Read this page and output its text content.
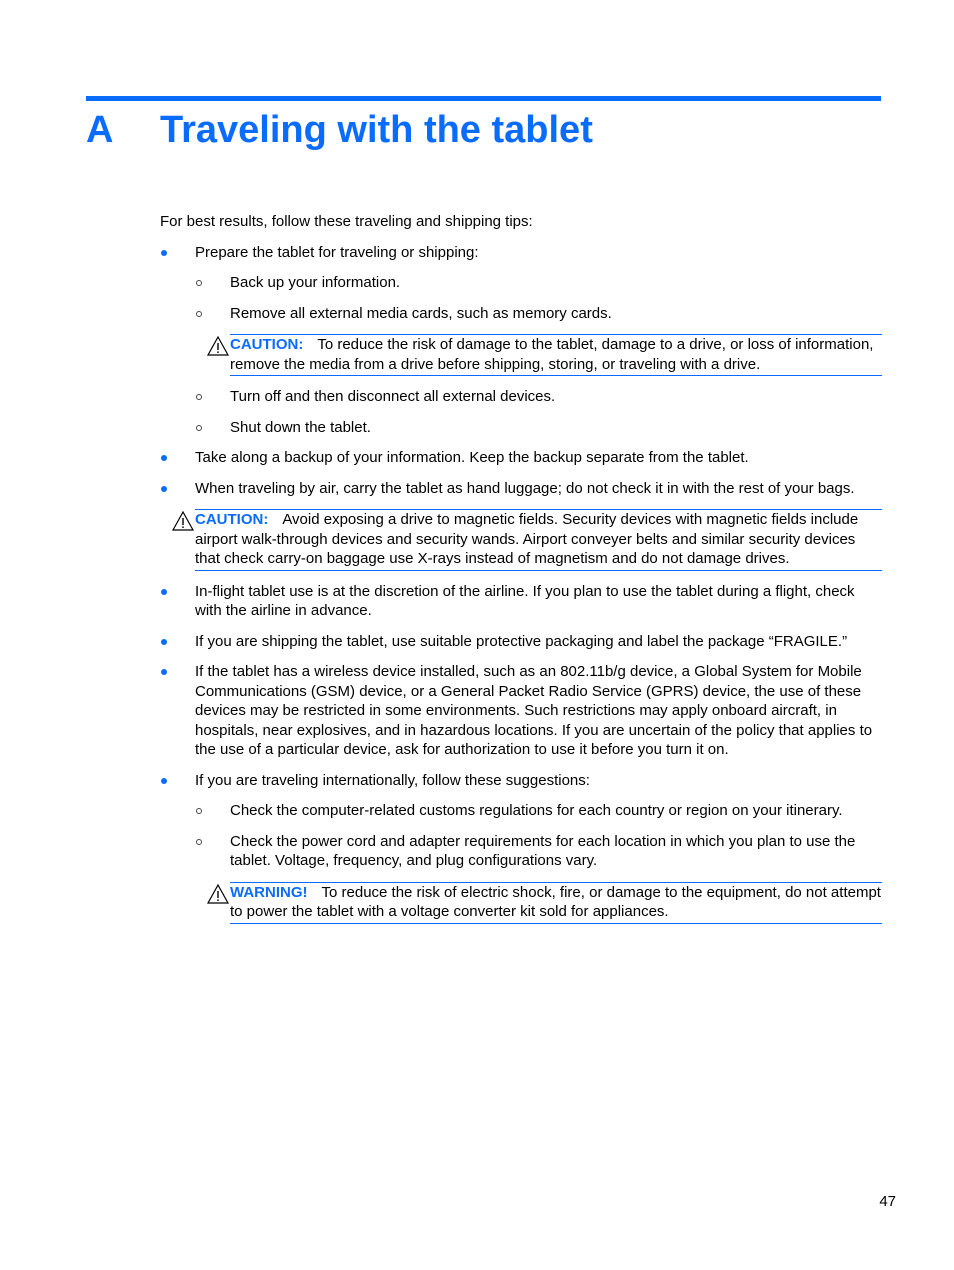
A Traveling with the tablet

For best results, follow these traveling and shipping tips:

Prepare the tablet for traveling or shipping:
Back up your information.
Remove all external media cards, such as memory cards.
CAUTION: To reduce the risk of damage to the tablet, damage to a drive, or loss of information, remove the media from a drive before shipping, storing, or traveling with a drive.
Turn off and then disconnect all external devices.
Shut down the tablet.
Take along a backup of your information. Keep the backup separate from the tablet.
When traveling by air, carry the tablet as hand luggage; do not check it in with the rest of your bags.
CAUTION: Avoid exposing a drive to magnetic fields. Security devices with magnetic fields include airport walk-through devices and security wands. Airport conveyer belts and similar security devices that check carry-on baggage use X-rays instead of magnetism and do not damage drives.
In-flight tablet use is at the discretion of the airline. If you plan to use the tablet during a flight, check with the airline in advance.
If you are shipping the tablet, use suitable protective packaging and label the package “FRAGILE.”
If the tablet has a wireless device installed, such as an 802.11b/g device, a Global System for Mobile Communications (GSM) device, or a General Packet Radio Service (GPRS) device, the use of these devices may be restricted in some environments. Such restrictions may apply onboard aircraft, in hospitals, near explosives, and in hazardous locations. If you are uncertain of the policy that applies to the use of a particular device, ask for authorization to use it before you turn it on.
If you are traveling internationally, follow these suggestions:
Check the computer-related customs regulations for each country or region on your itinerary.
Check the power cord and adapter requirements for each location in which you plan to use the tablet. Voltage, frequency, and plug configurations vary.
WARNING! To reduce the risk of electric shock, fire, or damage to the equipment, do not attempt to power the tablet with a voltage converter kit sold for appliances.
47
